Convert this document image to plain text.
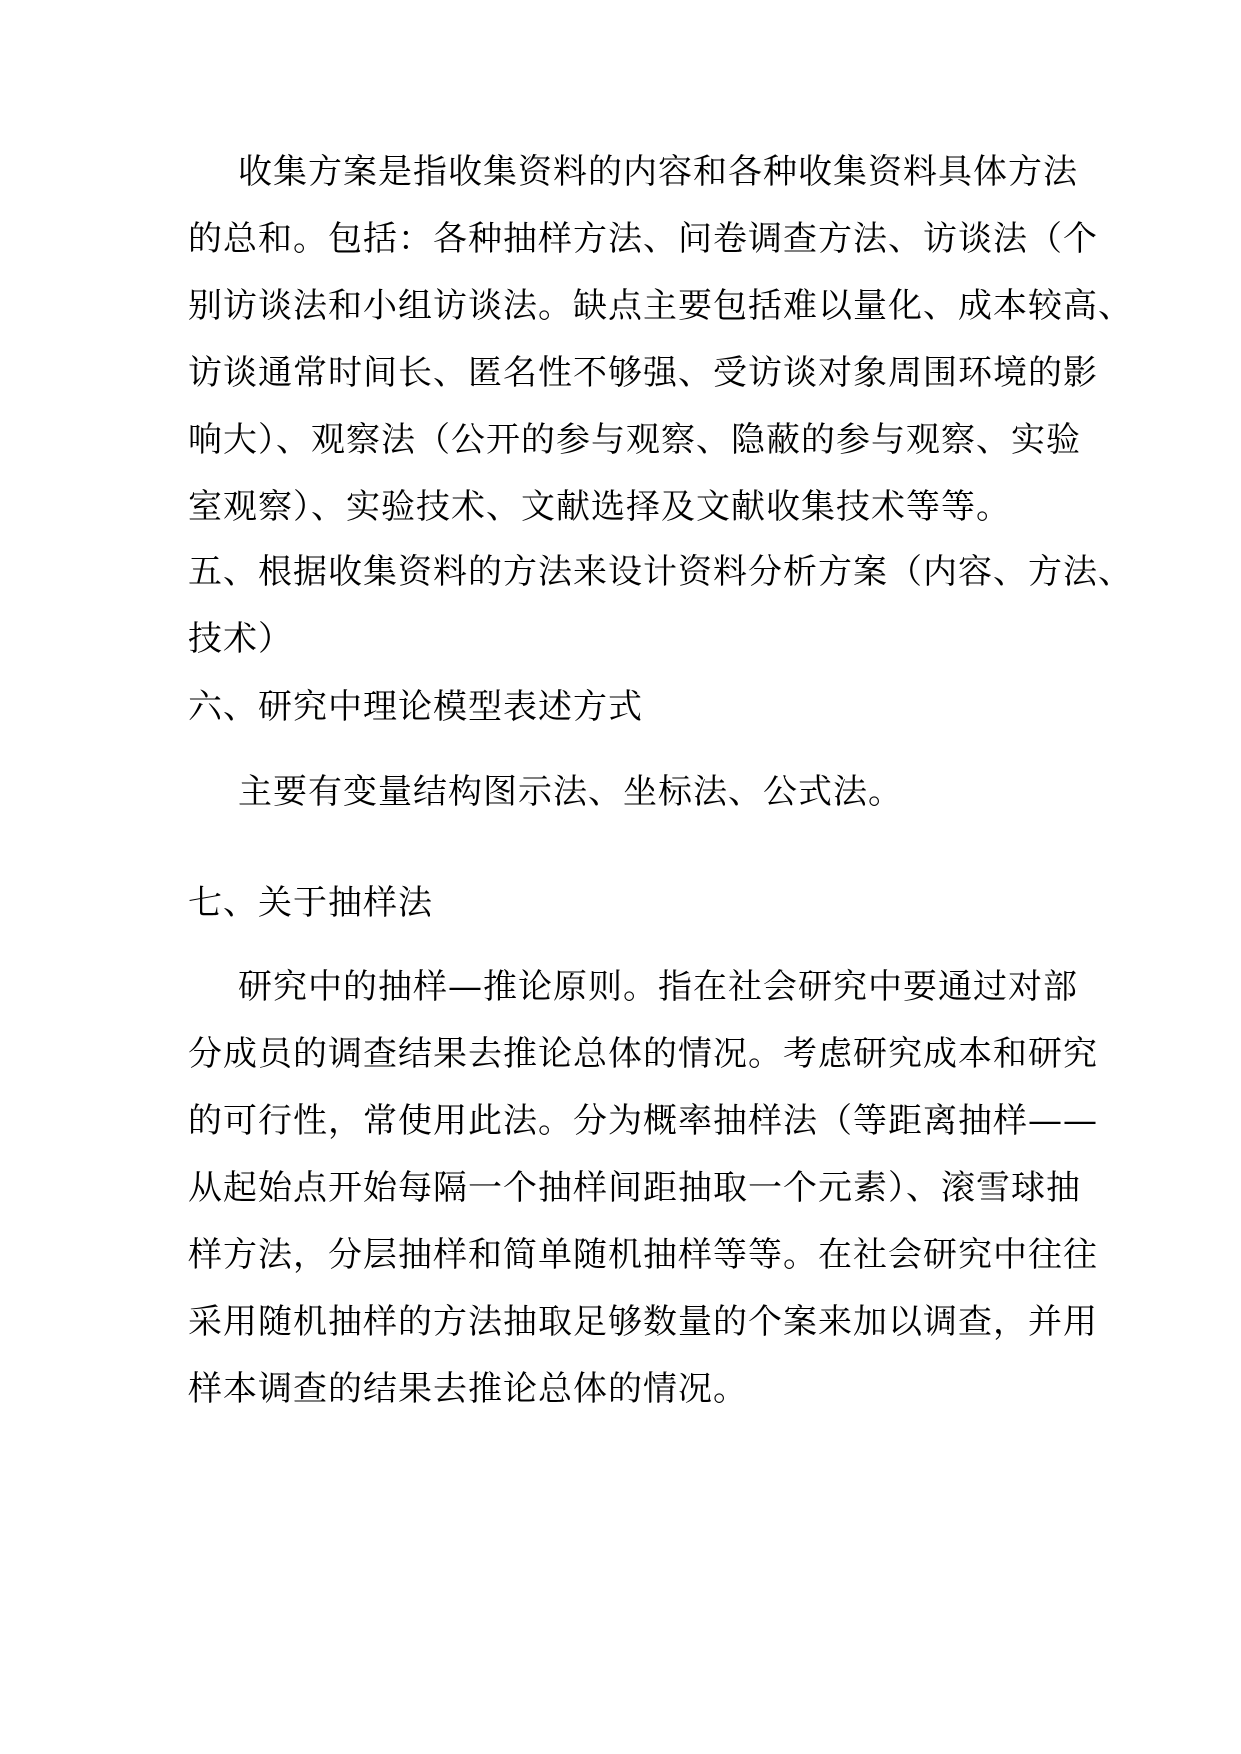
收集方案是指收集资料的内容和各种收集资料具体方法
的总和。包括：各种抽样方法、问卷调查方法、访谈法（个
别访谈法和小组访谈法。缺点主要包括难以量化、成本较高、
访谈通常时间长、匿名性不够强、受访谈对象周围环境的影
响大）、观察法（公开的参与观察、隐蔽的参与观察、实验
室观察）、实验技术、文献选择及文献收集技术等等。
五、根据收集资料的方法来设计资料分析方案（内容、方法、
技术）
六、研究中理论模型表述方式
主要有变量结构图示法、坐标法、公式法。
七、关于抽样法
研究中的抽样—推论原则。指在社会研究中要通过对部
分成员的调查结果去推论总体的情况。考虑研究成本和研究
的可行性，常使用此法。分为概率抽样法（等距离抽样——
从起始点开始每隔一个抽样间距抽取一个元素）、滚雪球抽
样方法，分层抽样和简单随机抽样等等。在社会研究中往往
采用随机抽样的方法抽取足够数量的个案来加以调查，并用
样本调查的结果去推论总体的情况。
